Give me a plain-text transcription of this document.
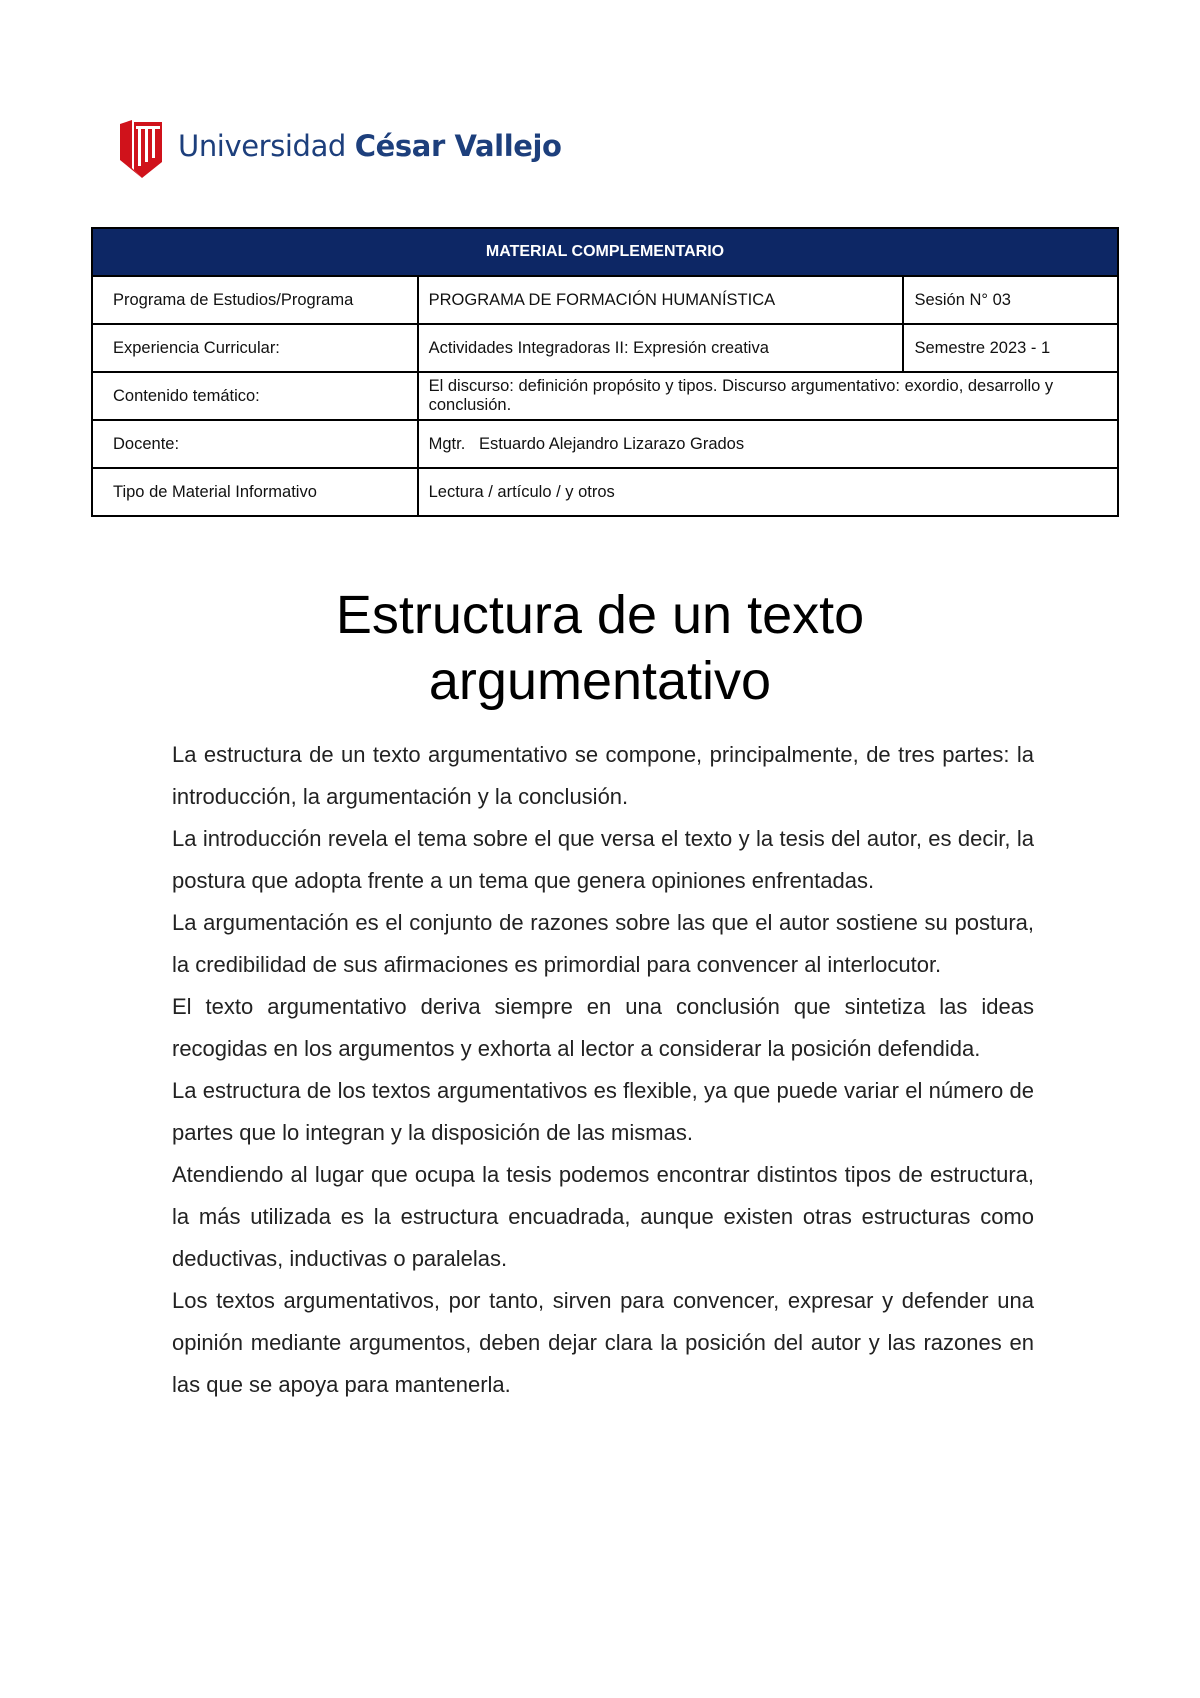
Universidad César Vallejo
MATERIAL COMPLEMENTARIO		
Programa de Estudios/Programa	PROGRAMA DE FORMACIÓN HUMANÍSTICA	Sesión N° 03
Experiencia Curricular:	Actividades Integradoras II: Expresión creativa	Semestre 2023 - 1
Contenido temático:	El discurso: definición propósito y tipos. Discurso argumentativo: exordio, desarrollo y conclusión.	
Docente:	Mgtr.   Estuardo Alejandro Lizarazo Grados	
Tipo de Material Informativo	Lectura / artículo / y otros	
Estructura de un texto
argumentativo

La estructura de un texto argumentativo se compone, principalmente, de tres partes: la introducción, la argumentación y la conclusión.

La introducción revela el tema sobre el que versa el texto y la tesis del autor, es decir, la postura que adopta frente a un tema que genera opiniones enfrentadas.

La argumentación es el conjunto de razones sobre las que el autor sostiene su postura, la credibilidad de sus afirmaciones es primordial para convencer al interlocutor.

El texto argumentativo deriva siempre en una conclusión que sintetiza las ideas recogidas en los argumentos y exhorta al lector a considerar la posición defendida.

La estructura de los textos argumentativos es flexible, ya que puede variar el número de partes que lo integran y la disposición de las mismas.

Atendiendo al lugar que ocupa la tesis podemos encontrar distintos tipos de estructura, la más utilizada es la estructura encuadrada, aunque existen otras estructuras como deductivas, inductivas o paralelas.

Los textos argumentativos, por tanto, sirven para convencer, expresar y defender una opinión mediante argumentos, deben dejar clara la posición del autor y las razones en las que se apoya para mantenerla.
